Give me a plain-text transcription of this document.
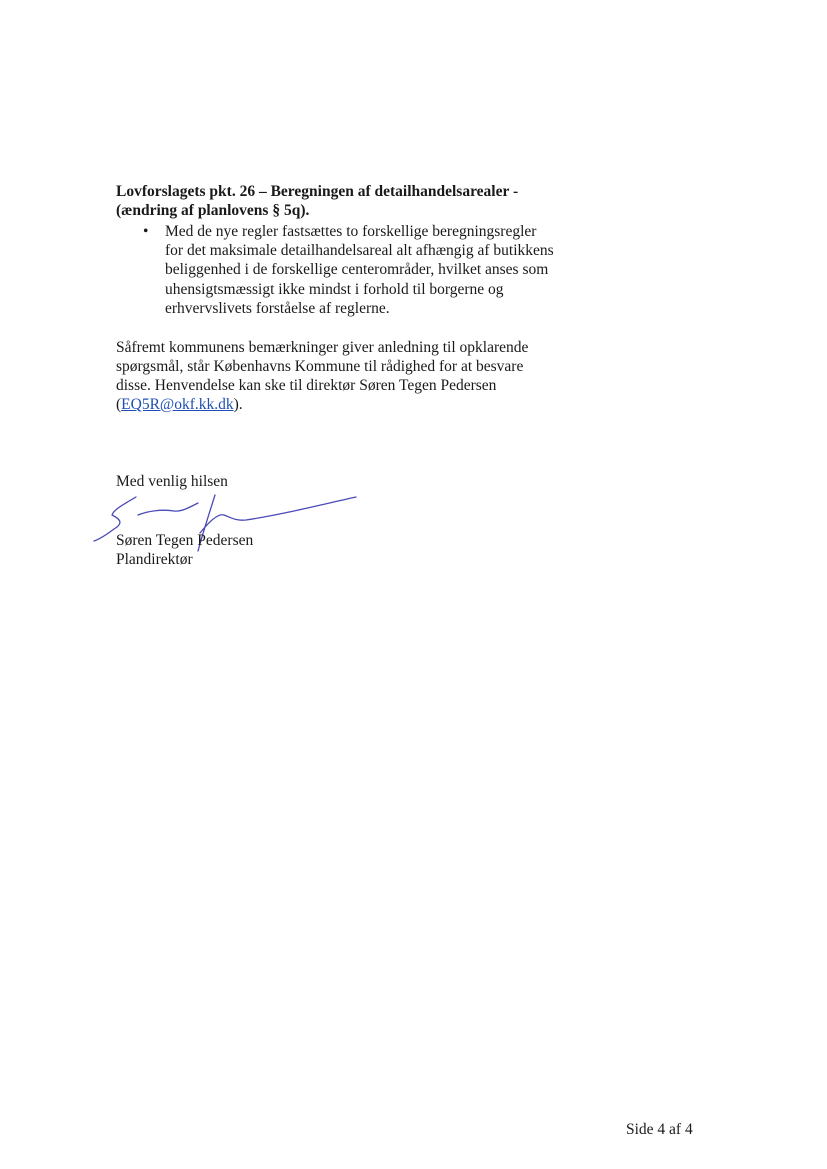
Lovforslagets pkt. 26 – Beregningen af detailhandelsarealer -
(ændring af planlovens § 5q).
• Med de nye regler fastsættes to forskellige beregningsregler
for det maksimale detailhandelsareal alt afhængig af butikkens
beliggenhed i de forskellige centerområder, hvilket anses som
uhensigtsmæssigt ikke mindst i forhold til borgerne og
erhvervslivets forståelse af reglerne.
Såfremt kommunens bemærkninger giver anledning til opklarende
spørgsmål, står Københavns Kommune til rådighed for at besvare
disse. Henvendelse kan ske til direktør Søren Tegen Pedersen
(EQ5R@okf.kk.dk).
Med venlig hilsen
Søren Tegen Pedersen
Plandirektør
Side 4 af 4
